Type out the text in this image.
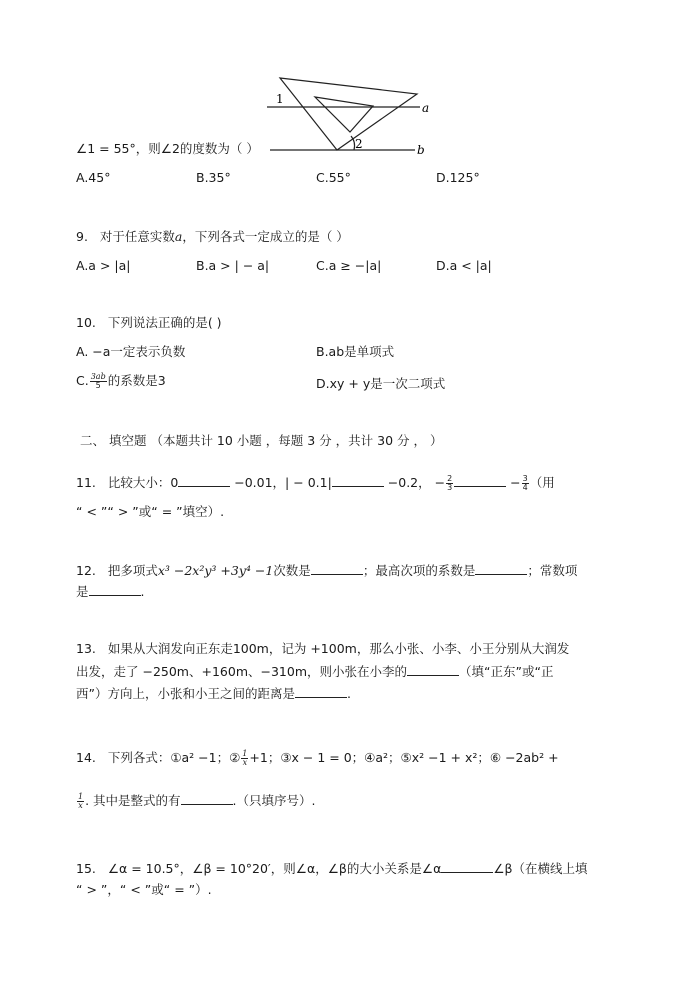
1
2
a
b
∠1 = 55°，则∠2的度数为（ ）
A.45°	B.35°	C.55°	D.125°
9. 对于任意实数a，下列各式一定成立的是（ ）
A.a > |a|	B.a > | − a|	C.a ≥ −|a|	D.a < |a|
10. 下列说法正确的是( )
A. −a一定表示负数	B.ab是单项式
C. $\frac{3ab}{5}$ 的系数是3	D.xy + y是一次二项式
二、 填空题 （本题共计 10 小题 ，每题 3 分 ，共计 30 分 ， ）
11. 比较大小：0	−0.01，| − 0.1|	−0.2， − $\frac{2}{3}$	− $\frac{3}{4}$ （用
“ < ”“ > ”或“ = ”填空）.
12. 把多项式x³ −2x²y³ +3y⁴ −1次数是	；最高次项的系数是	；常数项
是	.
13. 如果从大润发向正东走100m，记为 +100m，那么小张、小李、小王分别从大润发
出发，走了 −250m、+160m、−310m，则小张在小李的	（填“正东”或“正
西”）方向上，小张和小王之间的距离是	.
14. 下列各式：①a² −1；② $\frac{1}{x} +1$；③x − 1 = 0；④a²；⑤x² −1 + x²；⑥ −2ab² +
$\frac{1}{x}$ . 其中是整式的有	.（只填序号）.
15. ∠α = 10.5°，∠β = 10°20′，则∠α，∠β的大小关系是∠α	∠β（在横线上填
“ > ”，“ < ”或“ = ”）.
